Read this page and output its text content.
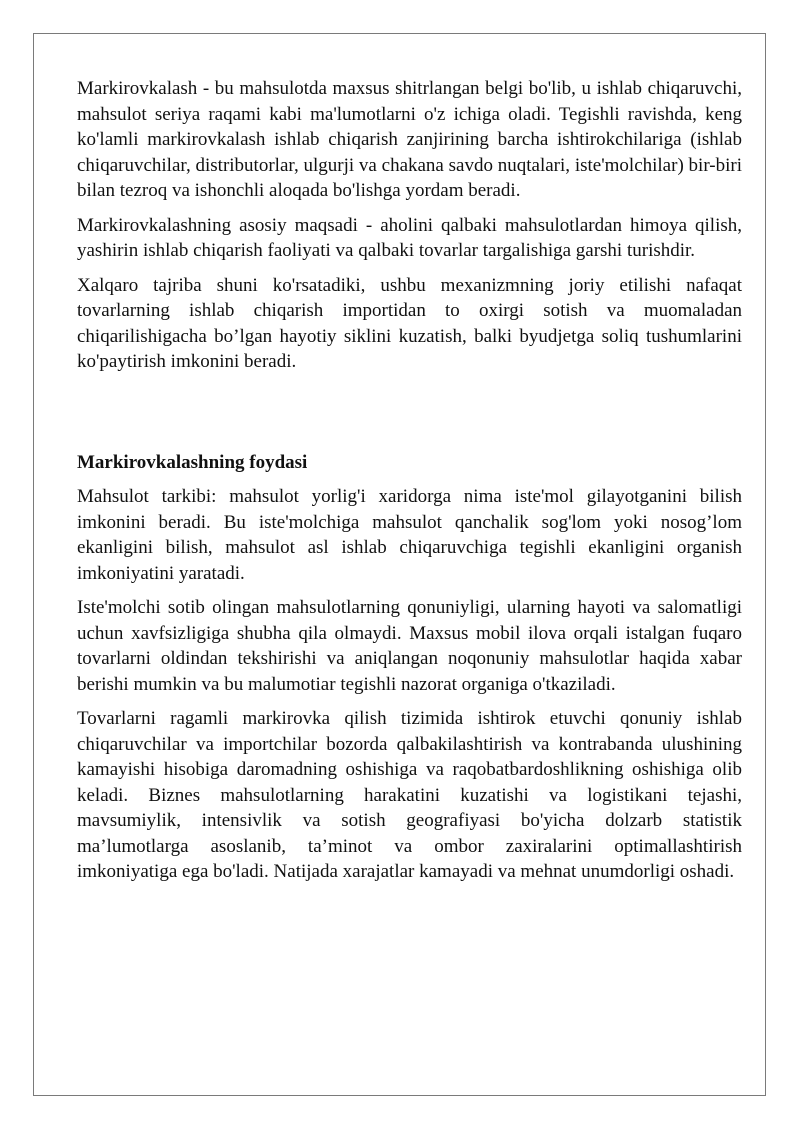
Markirovkalash - bu mahsulotda maxsus shitrlangan belgi bo'lib, u ishlab chiqaruvchi, mahsulot seriya raqami kabi ma'lumotlarni o'z ichiga oladi. Tegishli ravishda, keng ko'lamli markirovkalash ishlab chiqarish zanjirining barcha ishtirokchilariga (ishlab chiqaruvchilar, distributorlar, ulgurji va chakana savdo nuqtalari, iste'molchilar) bir-biri bilan tezroq va ishonchli aloqada bo'lishga yordam beradi.

Markirovkalashning asosiy maqsadi - aholini qalbaki mahsulotlardan himoya qilish, yashirin ishlab chiqarish faoliyati va qalbaki tovarlar targalishiga garshi turishdir.

Xalqaro tajriba shuni ko'rsatadiki, ushbu mexanizmning joriy etilishi nafaqat tovarlarning ishlab chiqarish importidan to oxirgi sotish va muomaladan chiqarilishigacha bo’lgan hayotiy siklini kuzatish, balki byudjetga soliq tushumlarini ko'paytirish imkonini beradi.

Markirovkalashning foydasi

Mahsulot tarkibi: mahsulot yorlig'i xaridorga nima iste'mol gilayotganini bilish imkonini beradi. Bu iste'molchiga mahsulot qanchalik sog'lom yoki nosog’lom ekanligini bilish, mahsulot asl ishlab chiqaruvchiga tegishli ekanligini organish imkoniyatini yaratadi.

Iste'molchi sotib olingan mahsulotlarning qonuniyligi, ularning hayoti va salomatligi uchun xavfsizligiga shubha qila olmaydi. Maxsus mobil ilova orqali istalgan fuqaro tovarlarni oldindan tekshirishi va aniqlangan noqonuniy mahsulotlar haqida xabar berishi mumkin va bu malumotiar tegishli nazorat organiga o'tkaziladi.

Tovarlarni ragamli markirovka qilish tizimida ishtirok etuvchi qonuniy ishlab chiqaruvchilar va importchilar bozorda qalbakilashtirish va kontrabanda ulushining kamayishi hisobiga daromadning oshishiga va raqobatbardoshlikning oshishiga olib keladi. Biznes mahsulotlarning harakatini kuzatishi va logistikani tejashi, mavsumiylik, intensivlik va sotish geografiyasi bo'yicha dolzarb statistik ma’lumotlarga asoslanib, ta’minot va ombor zaxiralarini optimallashtirish imkoniyatiga ega bo'ladi. Natijada xarajatlar kamayadi va mehnat unumdorligi oshadi.
